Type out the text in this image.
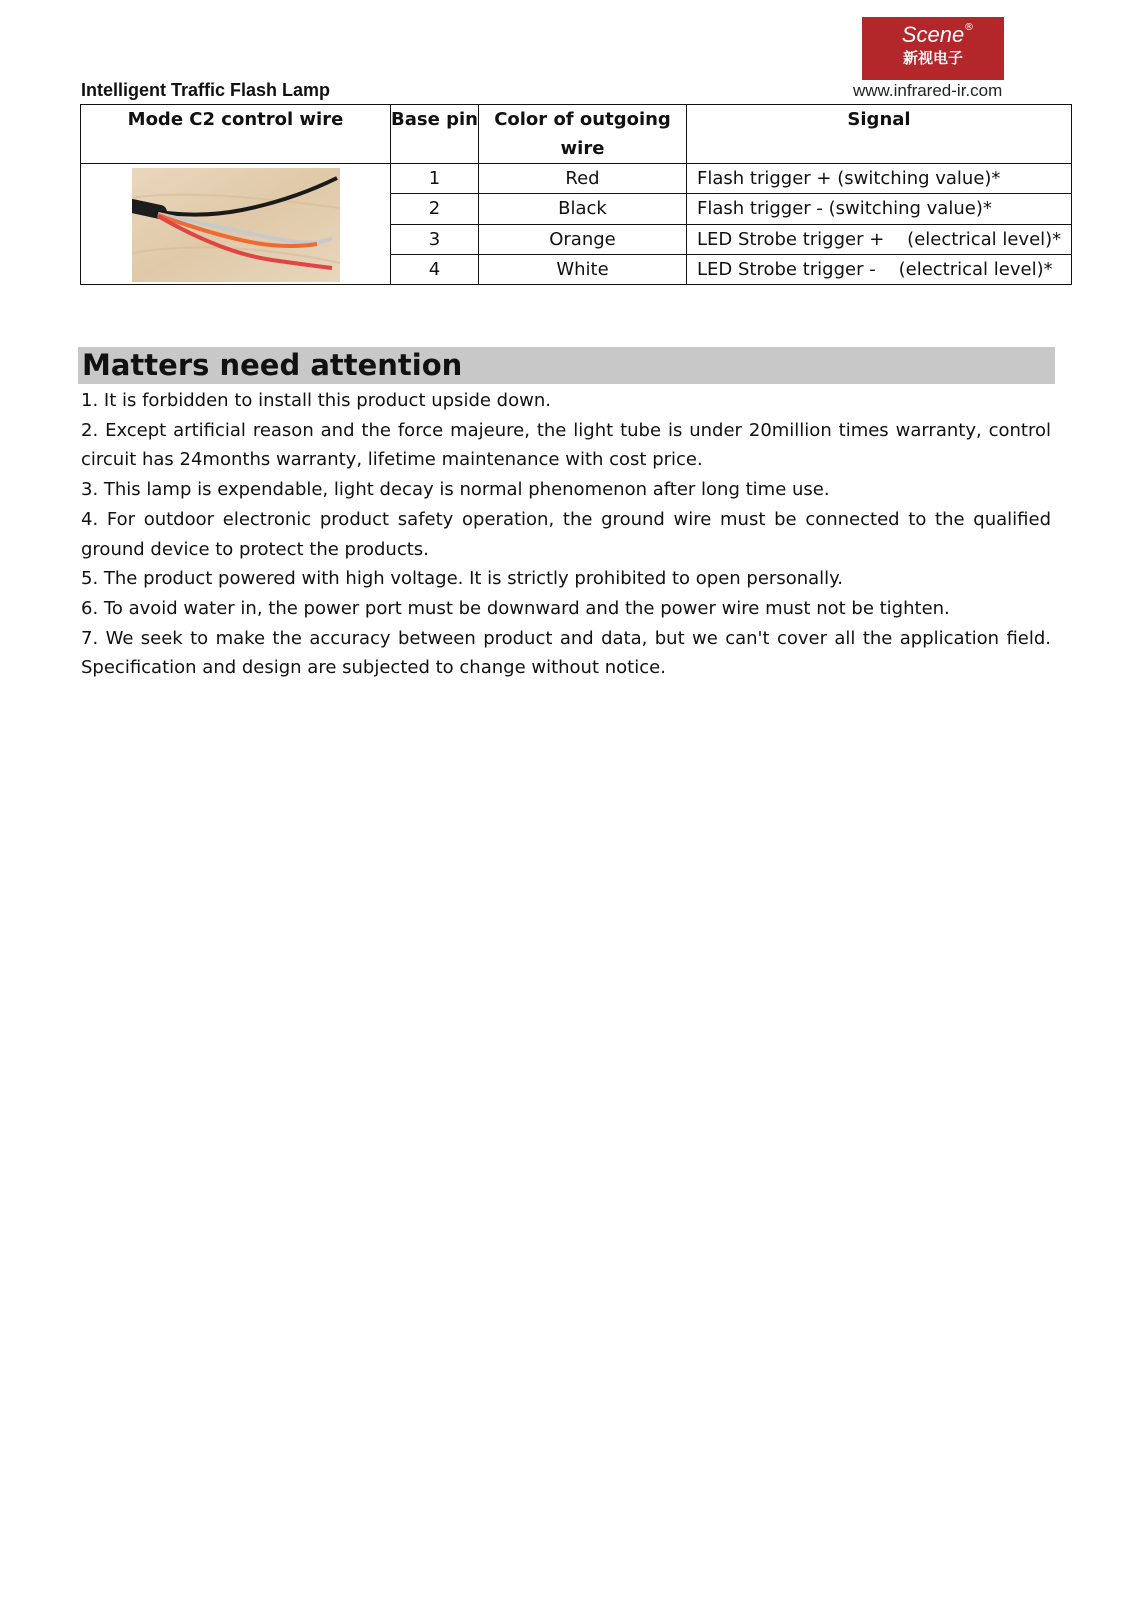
Scene ®
新视电子
Intelligent Traffic Flash Lamp	www.infrared-ir.com
Mode C2 control wire	Base pin	Color of outgoing wire	Signal

	1	Red	Flash trigger + (switching value)*
	2	Black	Flash trigger - (switching value)*
	3	Orange	LED Strobe trigger +    (electrical level)*
	4	White	LED Strobe trigger -    (electrical level)*
Matters need attention

1. It is forbidden to install this product upside down.

2. Except artificial reason and the force majeure, the light tube is under 20million times warranty, control circuit has 24months warranty, lifetime maintenance with cost price.

3. This lamp is expendable, light decay is normal phenomenon after long time use.

4. For outdoor electronic product safety operation, the ground wire must be connected to the qualified ground device to protect the products.

5. The product powered with high voltage. It is strictly prohibited to open personally.

6. To avoid water in, the power port must be downward and the power wire must not be tighten.

7. We seek to make the accuracy between product and data, but we can't cover all the application field. Specification and design are subjected to change without notice.
